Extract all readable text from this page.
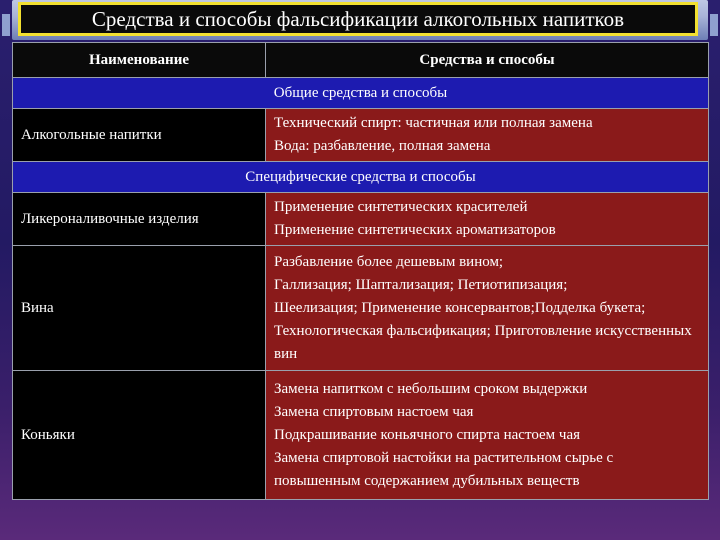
Средства и способы фальсификации алкогольных напитков
Наименование	Средства и способы
Общие средства и способы	
Алкогольные напитки	Технический спирт: частичная или полная замена
Вода: разбавление, полная замена

Специфические средства и способы	
Ликероналивочные изделия	Применение синтетических красителей
Применение синтетических ароматизаторов

Вина	Разбавление более дешевым вином;
Галлизация; Шаптализация; Петиотипизация;
Шеелизация; Применение консервантов;Подделка букета; Технологическая фальсификация; Приготовление искусственных вин

Коньяки	Замена напитком с небольшим сроком выдержки
Замена спиртовым настоем чая
Подкрашивание коньячного спирта настоем чая
Замена спиртовой настойки на растительном сырье с повышенным содержанием дубильных веществ
